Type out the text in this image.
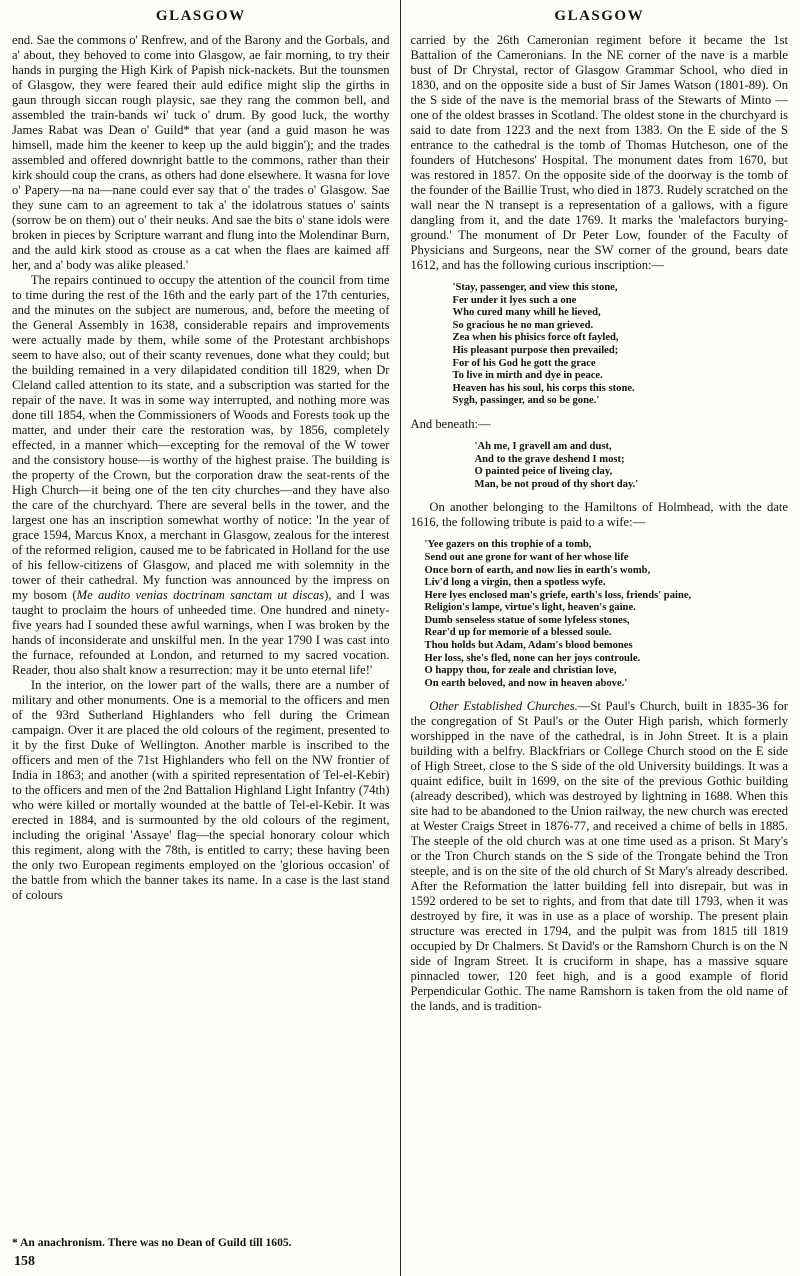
GLASGOW

end. Sae the commons o' Renfrew, and of the Barony and the Gorbals, and a' about, they behoved to come into Glasgow, ae fair morning, to try their hands in purging the High Kirk of Papish nick-nackets. But the tounsmen of Glasgow, they were feared their auld edifice might slip the girths in gaun through siccan rough playsic, sae they rang the common bell, and assembled the train-bands wi' tuck o' drum. By good luck, the worthy James Rabat was Dean o' Guild* that year (and a guid mason he was himsell, made him the keener to keep up the auld biggin'); and the trades assembled and offered downright battle to the commons, rather than their kirk should coup the crans, as others had done elsewhere. It wasna for love o' Papery—na na—nane could ever say that o' the trades o' Glasgow. Sae they sune cam to an agreement to tak a' the idolatrous statues o' saints (sorrow be on them) out o' their neuks. And sae the bits o' stane idols were broken in pieces by Scripture warrant and flung into the Molendinar Burn, and the auld kirk stood as crouse as a cat when the flaes are kaimed aff her, and a' body was alike pleased.'

The repairs continued to occupy the attention of the council from time to time during the rest of the 16th and the early part of the 17th centuries, and the minutes on the subject are numerous, and, before the meeting of the General Assembly in 1638, considerable repairs and improvements were actually made by them, while some of the Protestant archbishops seem to have also, out of their scanty revenues, done what they could; but the building remained in a very dilapidated condition till 1829, when Dr Cleland called attention to its state, and a subscription was started for the repair of the nave. It was in some way interrupted, and nothing more was done till 1854, when the Commissioners of Woods and Forests took up the matter, and under their care the restoration was, by 1856, completely effected, in a manner which—excepting for the removal of the W tower and the consistory house—is worthy of the highest praise. The building is the property of the Crown, but the corporation draw the seat-rents of the High Church—it being one of the ten city churches—and they have also the care of the churchyard. There are several bells in the tower, and the largest one has an inscription somewhat worthy of notice: 'In the year of grace 1594, Marcus Knox, a merchant in Glasgow, zealous for the interest of the reformed religion, caused me to be fabricated in Holland for the use of his fellow-citizens of Glasgow, and placed me with solemnity in the tower of their cathedral. My function was announced by the impress on my bosom (Me audito venias doctrinam sanctam ut discas), and I was taught to proclaim the hours of unheeded time. One hundred and ninety-five years had I sounded these awful warnings, when I was broken by the hands of inconsiderate and unskilful men. In the year 1790 I was cast into the furnace, refounded at London, and returned to my sacred vocation. Reader, thou also shalt know a resurrection: may it be unto eternal life!'

In the interior, on the lower part of the walls, there are a number of military and other monuments. One is a memorial to the officers and men of the 93rd Sutherland Highlanders who fell during the Crimean campaign. Over it are placed the old colours of the regiment, presented to it by the first Duke of Wellington. Another marble is inscribed to the officers and men of the 71st Highlanders who fell on the NW frontier of India in 1863; and another (with a spirited representation of Tel-el-Kebir) to the officers and men of the 2nd Battalion Highland Light Infantry (74th) who were killed or mortally wounded at the battle of Tel-el-Kebir. It was erected in 1884, and is surmounted by the old colours of the regiment, including the original 'Assaye' flag—the special honorary colour which this regiment, along with the 78th, is entitled to carry; these having been the only two European regiments employed on the 'glorious occasion' of the battle from which the banner takes its name. In a case is the last stand of colours

* An anachronism. There was no Dean of Guild till 1605.
158
GLASGOW

carried by the 26th Cameronian regiment before it became the 1st Battalion of the Cameronians. In the NE corner of the nave is a marble bust of Dr Chrystal, rector of Glasgow Grammar School, who died in 1830, and on the opposite side a bust of Sir James Watson (1801-89). On the S side of the nave is the memorial brass of the Stewarts of Minto —one of the oldest brasses in Scotland. The oldest stone in the churchyard is said to date from 1223 and the next from 1383. On the E side of the S entrance to the cathedral is the tomb of Thomas Hutcheson, one of the founders of Hutchesons' Hospital. The monument dates from 1670, but was restored in 1857. On the opposite side of the doorway is the tomb of the founder of the Baillie Trust, who died in 1873. Rudely scratched on the wall near the N transept is a representation of a gallows, with a figure dangling from it, and the date 1769. It marks the 'malefactors burying-ground.' The monument of Dr Peter Low, founder of the Faculty of Physicians and Surgeons, near the SW corner of the ground, bears date 1612, and has the following curious inscription:—

'Stay, passenger, and view this stone,
Fer under it lyes such a one
Who cured many whill he lieved,
So gracious he no man grieved.
Zea when his phisics force oft fayled,
His pleasant purpose then prevailed;
For of his God he gott the grace
To live in mirth and dye in peace.
Heaven has his soul, his corps this stone.
Sygh, passinger, and so be gone.'

And beneath:—

'Ah me, I gravell am and dust,
And to the grave deshend I most;
O painted peice of liveing clay,
Man, be not proud of thy short day.'

On another belonging to the Hamiltons of Holmhead, with the date 1616, the following tribute is paid to a wife:—

'Yee gazers on this trophie of a tomb,
Send out ane grone for want of her whose life
Once born of earth, and now lies in earth's womb,
Liv'd long a virgin, then a spotless wyfe.
Here lyes enclosed man's griefe, earth's loss, friends' paine,
Religion's lampe, virtue's light, heaven's gaine.
Dumb senseless statue of some lyfeless stones,
Rear'd up for memorie of a blessed soule.
Thou holds but Adam, Adam's blood bemones
Her loss, she's fled, none can her joys controule.
O happy thou, for zeale and christian love,
On earth beloved, and now in heaven above.'

Other Established Churches.—St Paul's Church, built in 1835-36 for the congregation of St Paul's or the Outer High parish, which formerly worshipped in the nave of the cathedral, is in John Street. It is a plain building with a belfry. Blackfriars or College Church stood on the E side of High Street, close to the S side of the old University buildings. It was a quaint edifice, built in 1699, on the site of the previous Gothic building (already described), which was destroyed by lightning in 1688. When this site had to be abandoned to the Union railway, the new church was erected at Wester Craigs Street in 1876-77, and received a chime of bells in 1885. The steeple of the old church was at one time used as a prison. St Mary's or the Tron Church stands on the S side of the Trongate behind the Tron steeple, and is on the site of the old church of St Mary's already described. After the Reformation the latter building fell into disrepair, but was in 1592 ordered to be set to rights, and from that date till 1793, when it was destroyed by fire, it was in use as a place of worship. The present plain structure was erected in 1794, and the pulpit was from 1815 till 1819 occupied by Dr Chalmers. St David's or the Ramshorn Church is on the N side of Ingram Street. It is cruciform in shape, has a massive square pinnacled tower, 120 feet high, and is a good example of florid Perpendicular Gothic. The name Ramshorn is taken from the old name of the lands, and is tradition-
